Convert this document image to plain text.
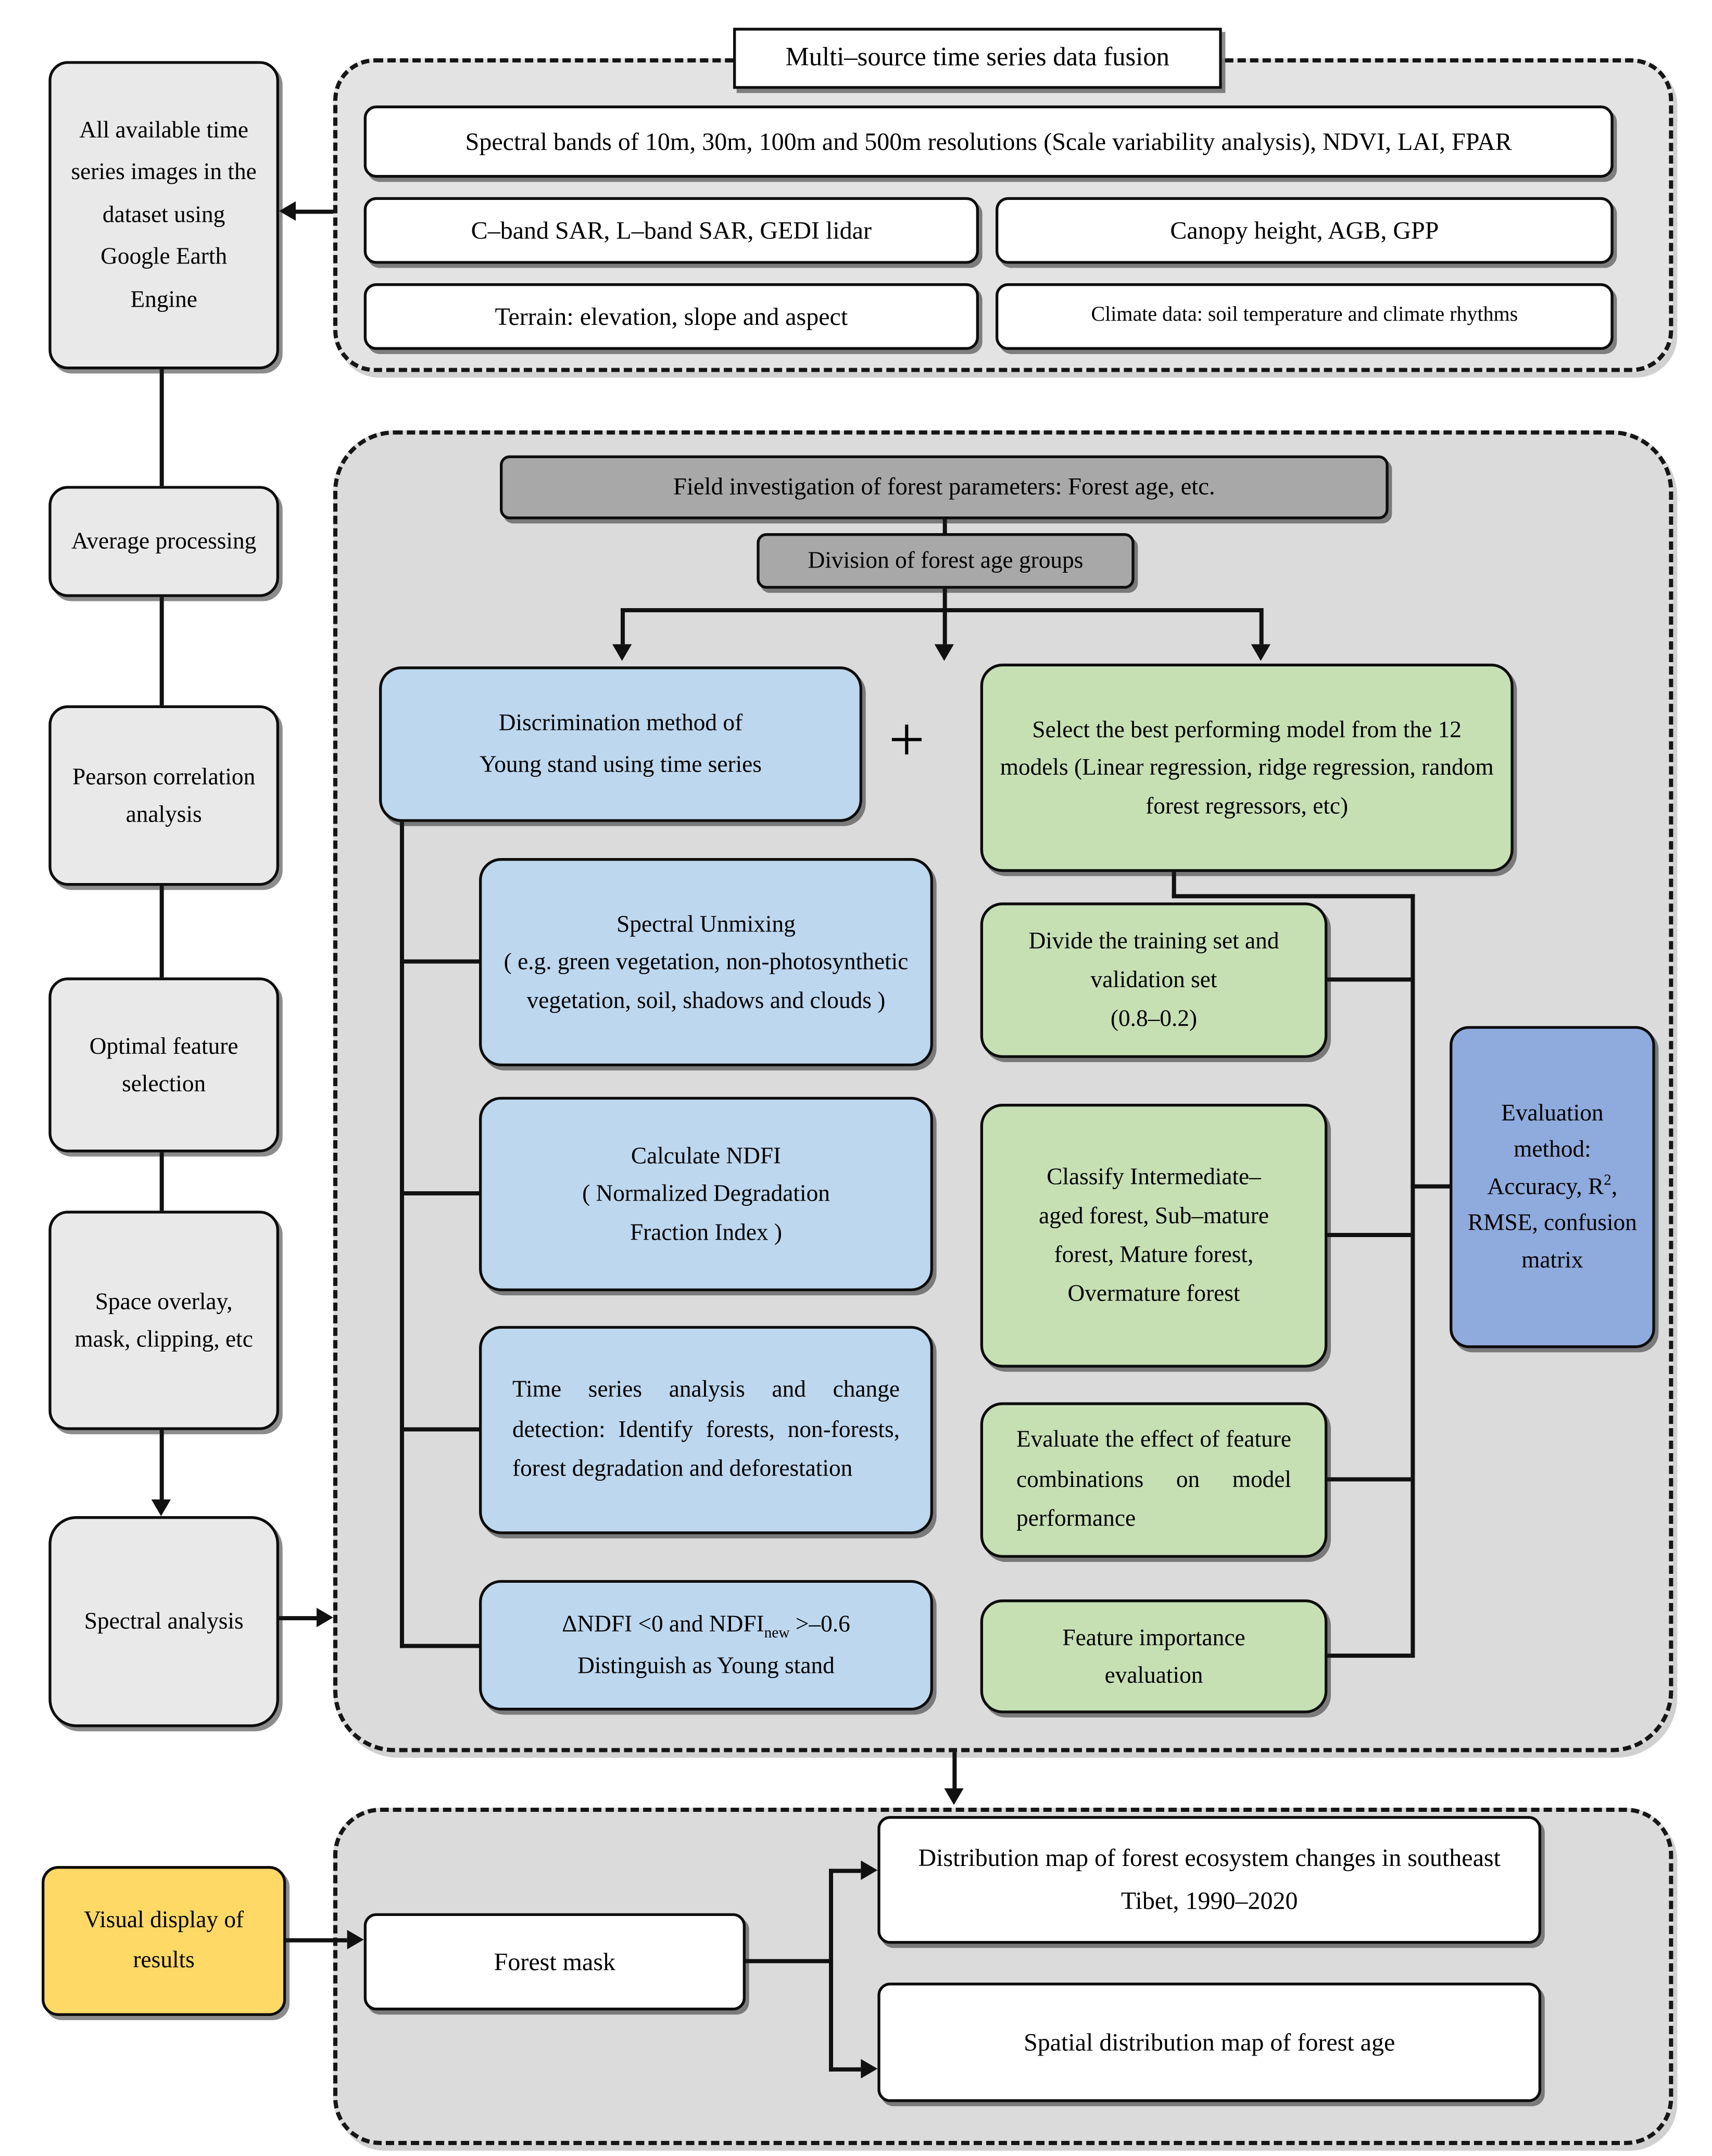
Multi–source time series data fusion
Spectral bands of 10m, 30m, 100m and 500m resolutions (Scale variability analysis), NDVI, LAI, FPAR
C–band SAR, L–band SAR, GEDI lidar	Canopy height, AGB, GPP
Terrain: elevation, slope and aspect	Climate data: soil temperature and climate rhythms
All available time series images in the dataset using Google Earth Engine
Average processing
Pearson correlation analysis
Optimal feature selection
Space overlay, mask, clipping, etc
Spectral analysis
Field investigation of forest parameters: Forest age, etc.
Division of forest age groups
Discrimination method of
Young stand using time series	+	Select the best performing model from the 12 models (Linear regression, ridge regression, random forest regressors, etc)
Spectral Unmixing
( e.g. green vegetation, non-photosynthetic vegetation, soil, shadows and clouds )
Calculate NDFI
( Normalized Degradation Fraction Index )
Time series analysis and change detection: Identify forests, non-forests, forest degradation and deforestation
ΔNDFI <0 and $NDFI_{new} >-0.6$
Distinguish as Young stand
Divide the training set and validation set
(0.8–0.2)
Classify Intermediate–aged forest, Sub–mature forest, Mature forest, Overmature forest
Evaluate the effect of feature combinations on model performance
Feature importance evaluation
Evaluation method: Accuracy, $R^2$, RMSE, confusion matrix
Visual display of results	Forest mask
Distribution map of forest ecosystem changes in southeast Tibet, 1990–2020
Spatial distribution map of forest age
